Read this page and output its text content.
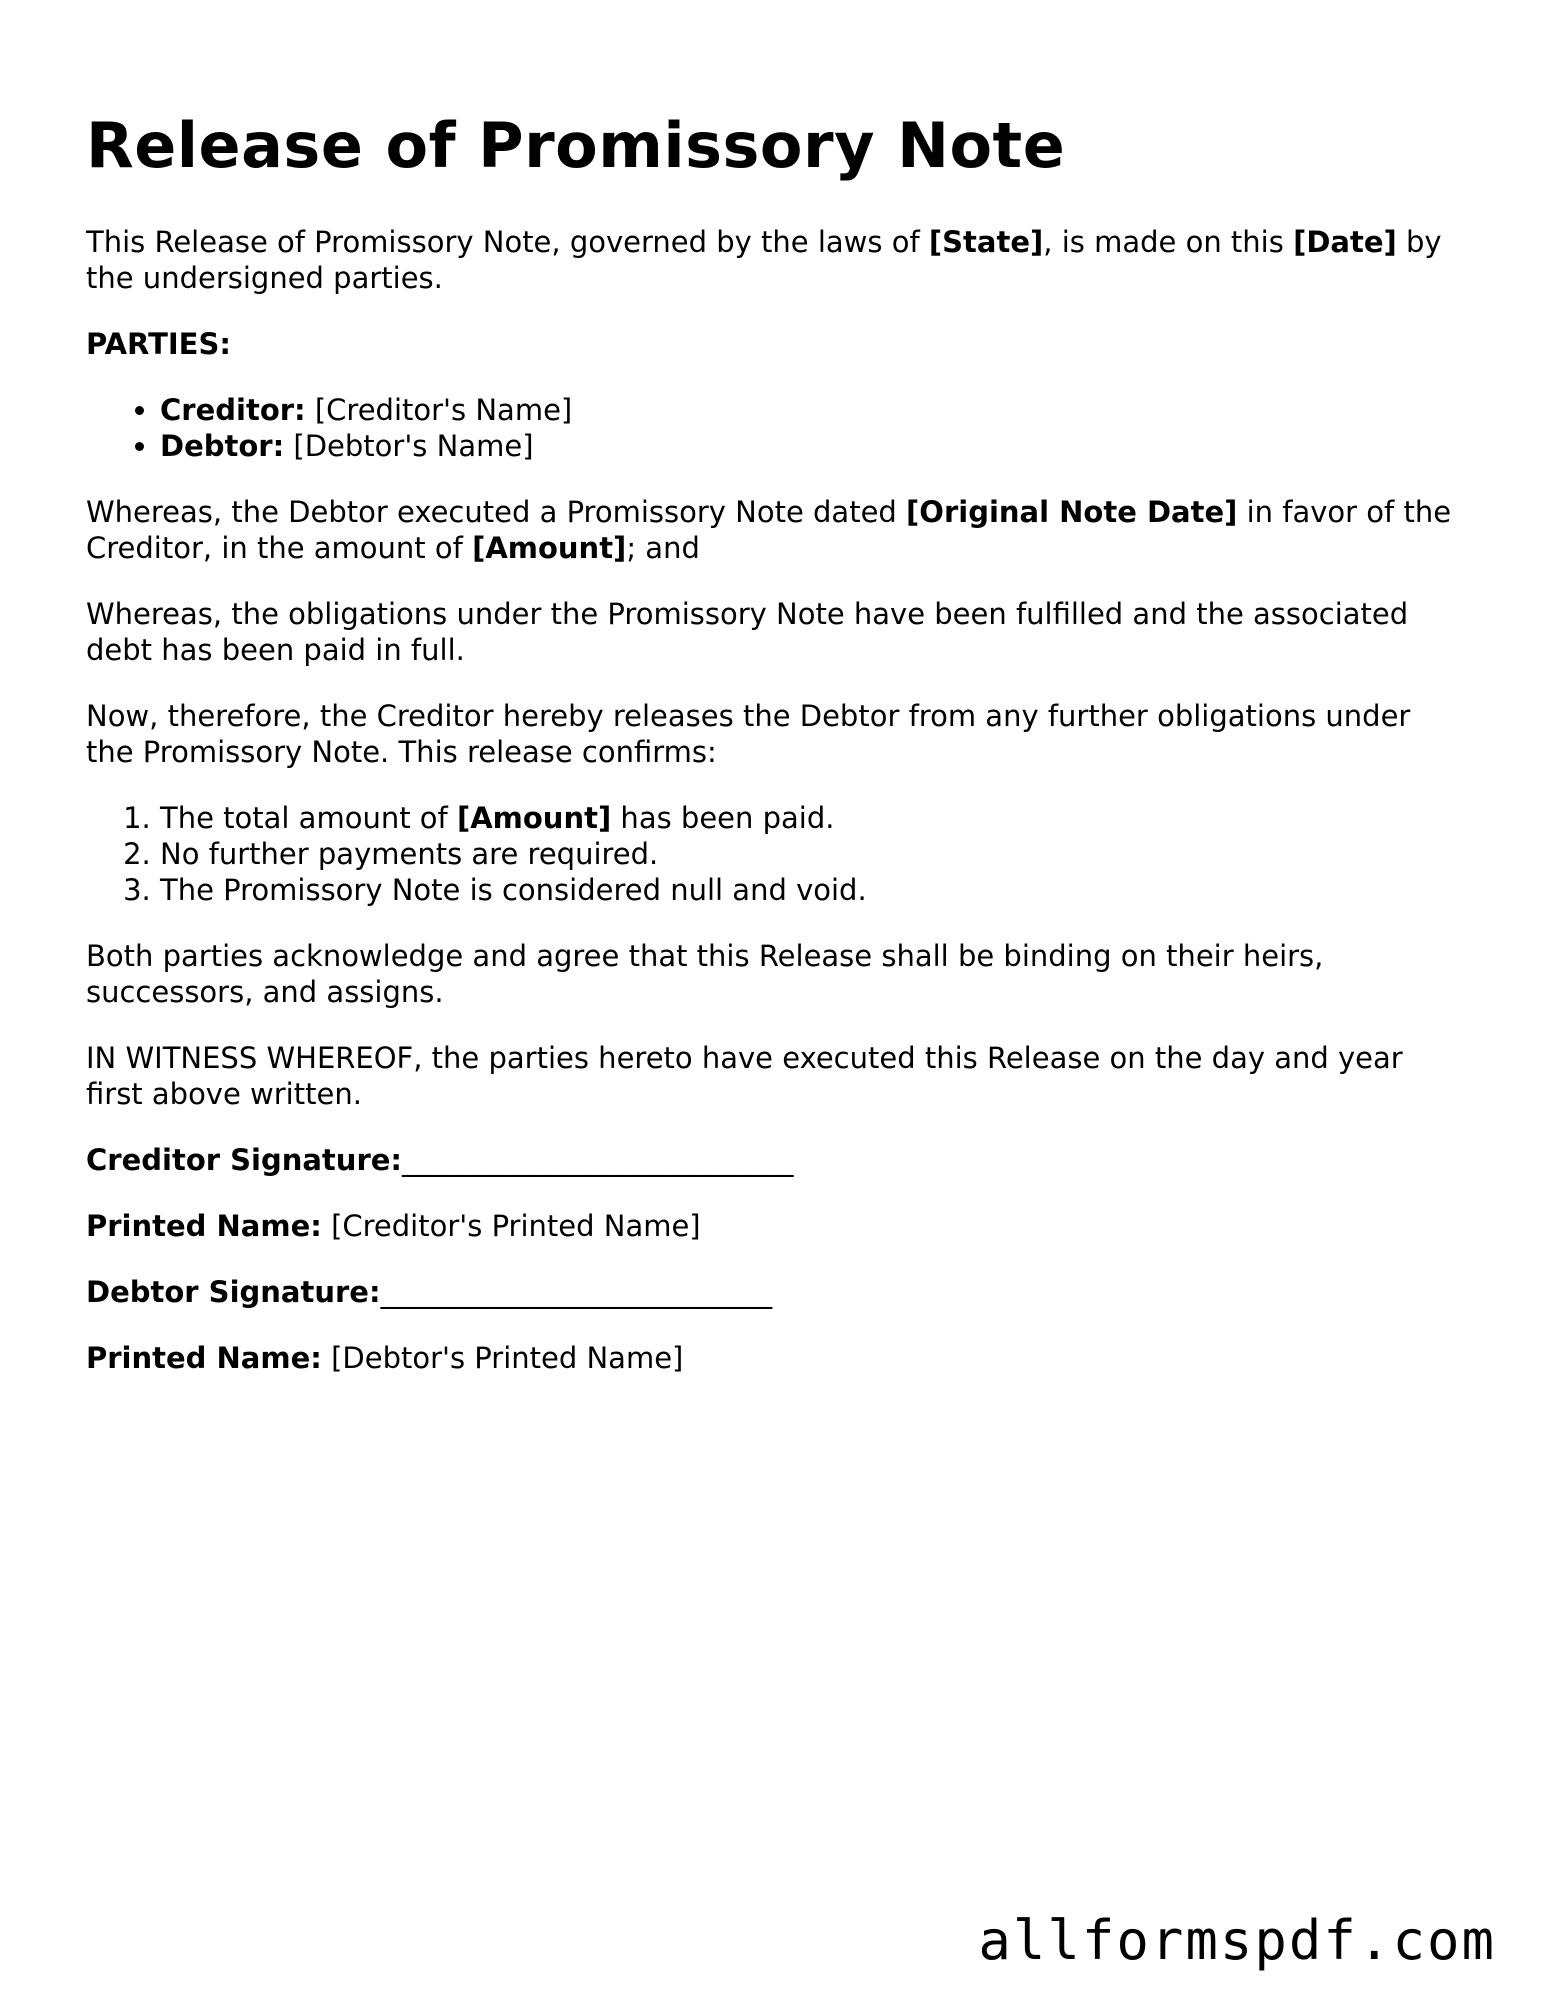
Release of Promissory Note

This Release of Promissory Note, governed by the laws of [State], is made on this [Date] by the undersigned parties.

PARTIES:

• Creditor: [Creditor's Name]
• Debtor: [Debtor's Name]

Whereas, the Debtor executed a Promissory Note dated [Original Note Date] in favor of the Creditor, in the amount of [Amount]; and

Whereas, the obligations under the Promissory Note have been fulfilled and the associated debt has been paid in full.

Now, therefore, the Creditor hereby releases the Debtor from any further obligations under the Promissory Note. This release confirms:

1. The total amount of [Amount] has been paid.
2. No further payments are required.
3. The Promissory Note is considered null and void.

Both parties acknowledge and agree that this Release shall be binding on their heirs, successors, and assigns.

IN WITNESS WHEREOF, the parties hereto have executed this Release on the day and year first above written.

Creditor Signature:___________________________

Printed Name: [Creditor's Printed Name]

Debtor Signature:___________________________

Printed Name: [Debtor's Printed Name]

allformspdf.com
